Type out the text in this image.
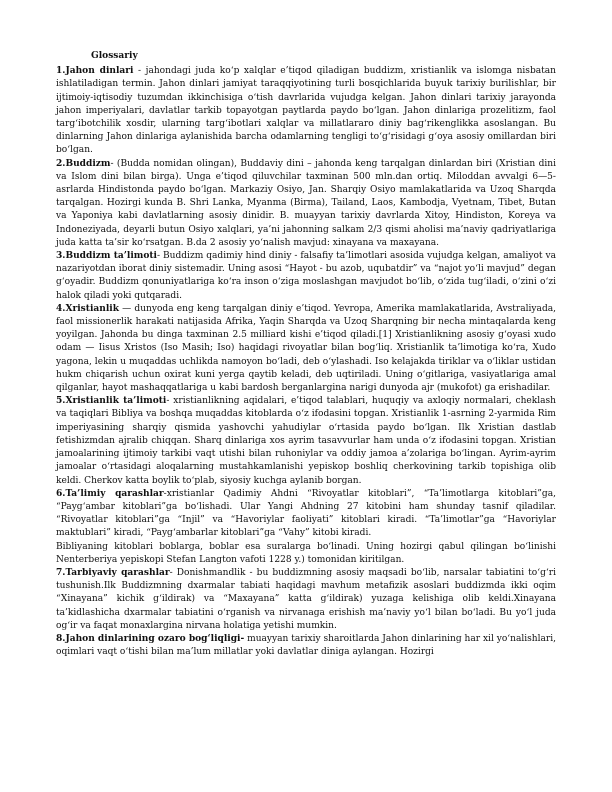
Glossariy

1.Jahon dinlari - jahondagi juda koʻp xalqlar e’tiqod qiladigan buddizm, xristianlik va islomga nisbatan ishlatiladigan termin. Jahon dinlari jamiyat taraqqiyotining turli bosqichlarida buyuk tarixiy burilishlar, bir ijtimoiy-iqtisodiy tuzumdan ikkinchisiga oʻtish davrlarida vujudga kelgan. Jahon dinlari tarixiy jarayonda jahon imperiyalari, davlatlar tarkib topayotgan paytlarda paydo boʻlgan. Jahon dinlariga prozelitizm, faol targʻibotchilik xosdir, ularning targʻibotlari xalqlar va millatlararo diniy bagʻrikenglikka asoslangan. Bu dinlarning Jahon dinlariga aylanishida barcha odamlarning tengligi toʻgʻrisidagi gʻoya asosiy omillardan biri boʻlgan.

2.Buddizm- (Budda nomidan olingan), Buddaviy dini – jahonda keng tarqalgan dinlardan biri (Xristian dini va Islom dini bilan birga). Unga e’tiqod qiluvchilar taxminan 500 mln.dan ortiq. Miloddan avvalgi 6—5-asrlarda Hindistonda paydo boʻlgan. Markaziy Osiyo, Jan. Sharqiy Osiyo mamlakatlarida va Uzoq Sharqda tarqalgan. Hozirgi kunda B. Shri Lanka, Myanma (Birma), Tailand, Laos, Kambodja, Vyetnam, Tibet, Butan va Yaponiya kabi davlatlarning asosiy dinidir. B. muayyan tarixiy davrlarda Xitoy, Hindiston, Koreya va Indoneziyada, deyarli butun Osiyo xalqlari, ya’ni jahonning salkam 2/3 qismi aholisi ma’naviy qadriyatlariga juda katta ta’sir koʻrsatgan. B.da 2 asosiy yoʻnalish mavjud: xinayana va maxayana.

3.Buddizm ta’limoti- Buddizm qadimiy hind diniy - falsafiy ta’limotlari asosida vujudga kelgan, amaliyot va nazariyotdan iborat diniy sistemadir. Uning asosi “Hayot - bu azob, uqubatdir” va “najot yoʻli mavjud” degan gʻoyadir. Buddizm qonuniyatlariga koʻra inson oʻziga moslashgan mavjudot boʻlib, oʻzida tugʻiladi, oʻzini oʻzi halok qiladi yoki qutqaradi.

4.Xristianlik — dunyoda eng keng tarqalgan diniy e’tiqod. Yevropa, Amerika mamlakatlarida, Avstraliyada, faol missionerlik harakati natijasida Afrika, Yaqin Sharqda va Uzoq Sharqning bir necha mintaqalarda keng yoyilgan. Jahonda bu dinga taxminan 2.5 milliard kishi e’tiqod qiladi.[1] Xristianlikning asosiy gʻoyasi xudo odam — Iisus Xristos (Iso Masih; Iso) haqidagi rivoyatlar bilan bogʻliq. Xristianlik ta’limotiga koʻra, Xudo yagona, lekin u muqaddas uchlikda namoyon boʻladi, deb oʻylashadi. Iso kelajakda tiriklar va oʻliklar ustidan hukm chiqarish uchun oxirat kuni yerga qaytib keladi, deb uqtiriladi. Uning oʻgitlariga, vasiyatlariga amal qilganlar, hayot mashaqqatlariga u kabi bardosh berganlargina narigi dunyoda ajr (mukofot) ga erishadilar.

5.Xristianlik ta’limoti- xristianlikning aqidalari, e’tiqod talablari, huquqiy va axloqiy normalari, cheklash va taqiqlari Bibliya va boshqa muqaddas kitoblarda oʻz ifodasini topgan. Xristianlik 1-asrning 2-yarmida Rim imperiyasining sharqiy qismida yashovchi yahudiylar oʻrtasida paydo boʻlgan. Ilk Xristian dastlab fetishizmdan ajralib chiqqan. Sharq dinlariga xos ayrim tasavvurlar ham unda oʻz ifodasini topgan. Xristian jamoalarining ijtimoiy tarkibi vaqt utishi bilan ruhoniylar va oddiy jamoa a’zolariga boʻlingan. Ayrim-ayrim jamoalar oʻrtasidagi aloqalarning mustahkamlanishi yepiskop boshliq cherkovining tarkib topishiga olib keldi. Cherkov katta boylik toʻplab, siyosiy kuchga aylanib borgan.

6.Ta’limiy qarashlar-xristianlar Qadimiy Ahdni “Rivoyatlar kitoblari”, “Ta’limotlarga kitoblari”ga, “Paygʻambar kitoblari”ga boʻlishadi. Ular Yangi Ahdning 27 kitobini ham shunday tasnif qiladilar. “Rivoyatlar kitoblari”ga “Injil” va “Havoriylar faoliyati” kitoblari kiradi. “Ta’limotlar”ga “Havoriylar maktublari” kiradi, “Paygʻambarlar kitoblari”ga “Vahy” kitobi kiradi.

Bibliyaning kitoblari boblarga, boblar esa suralarga boʻlinadi. Uning hozirgi qabul qilingan boʻlinishi Nenterberiya yepiskopi Stefan Langton vafoti 1228 y.) tomonidan kiritilgan.

7.Tarbiyaviy qarashlar- Donishmandlik - bu buddizmning asosiy maqsadi boʻlib, narsalar tabiatini toʻgʻri tushunish.Ilk Buddizmning dxarmalar tabiati haqidagi mavhum metafizik asoslari buddizmda ikki oqim “Xinayana” kichik gʻildirak) va “Maxayana” katta gʻildirak) yuzaga kelishiga olib keldi.Xinayana ta’kidlashicha dxarmalar tabiatini oʻrganish va nirvanaga erishish ma’naviy yoʻl bilan boʻladi. Bu yoʻl juda ogʻir va faqat monaxlargina nirvana holatiga yetishi mumkin.

8.Jahon dinlarining ozaro bogʻliqligi- muayyan tarixiy sharoitlarda Jahon dinlarining har xil yoʻnalishlari, oqimlari vaqt oʻtishi bilan ma’lum millatlar yoki davlatlar diniga aylangan. Hozirgi
